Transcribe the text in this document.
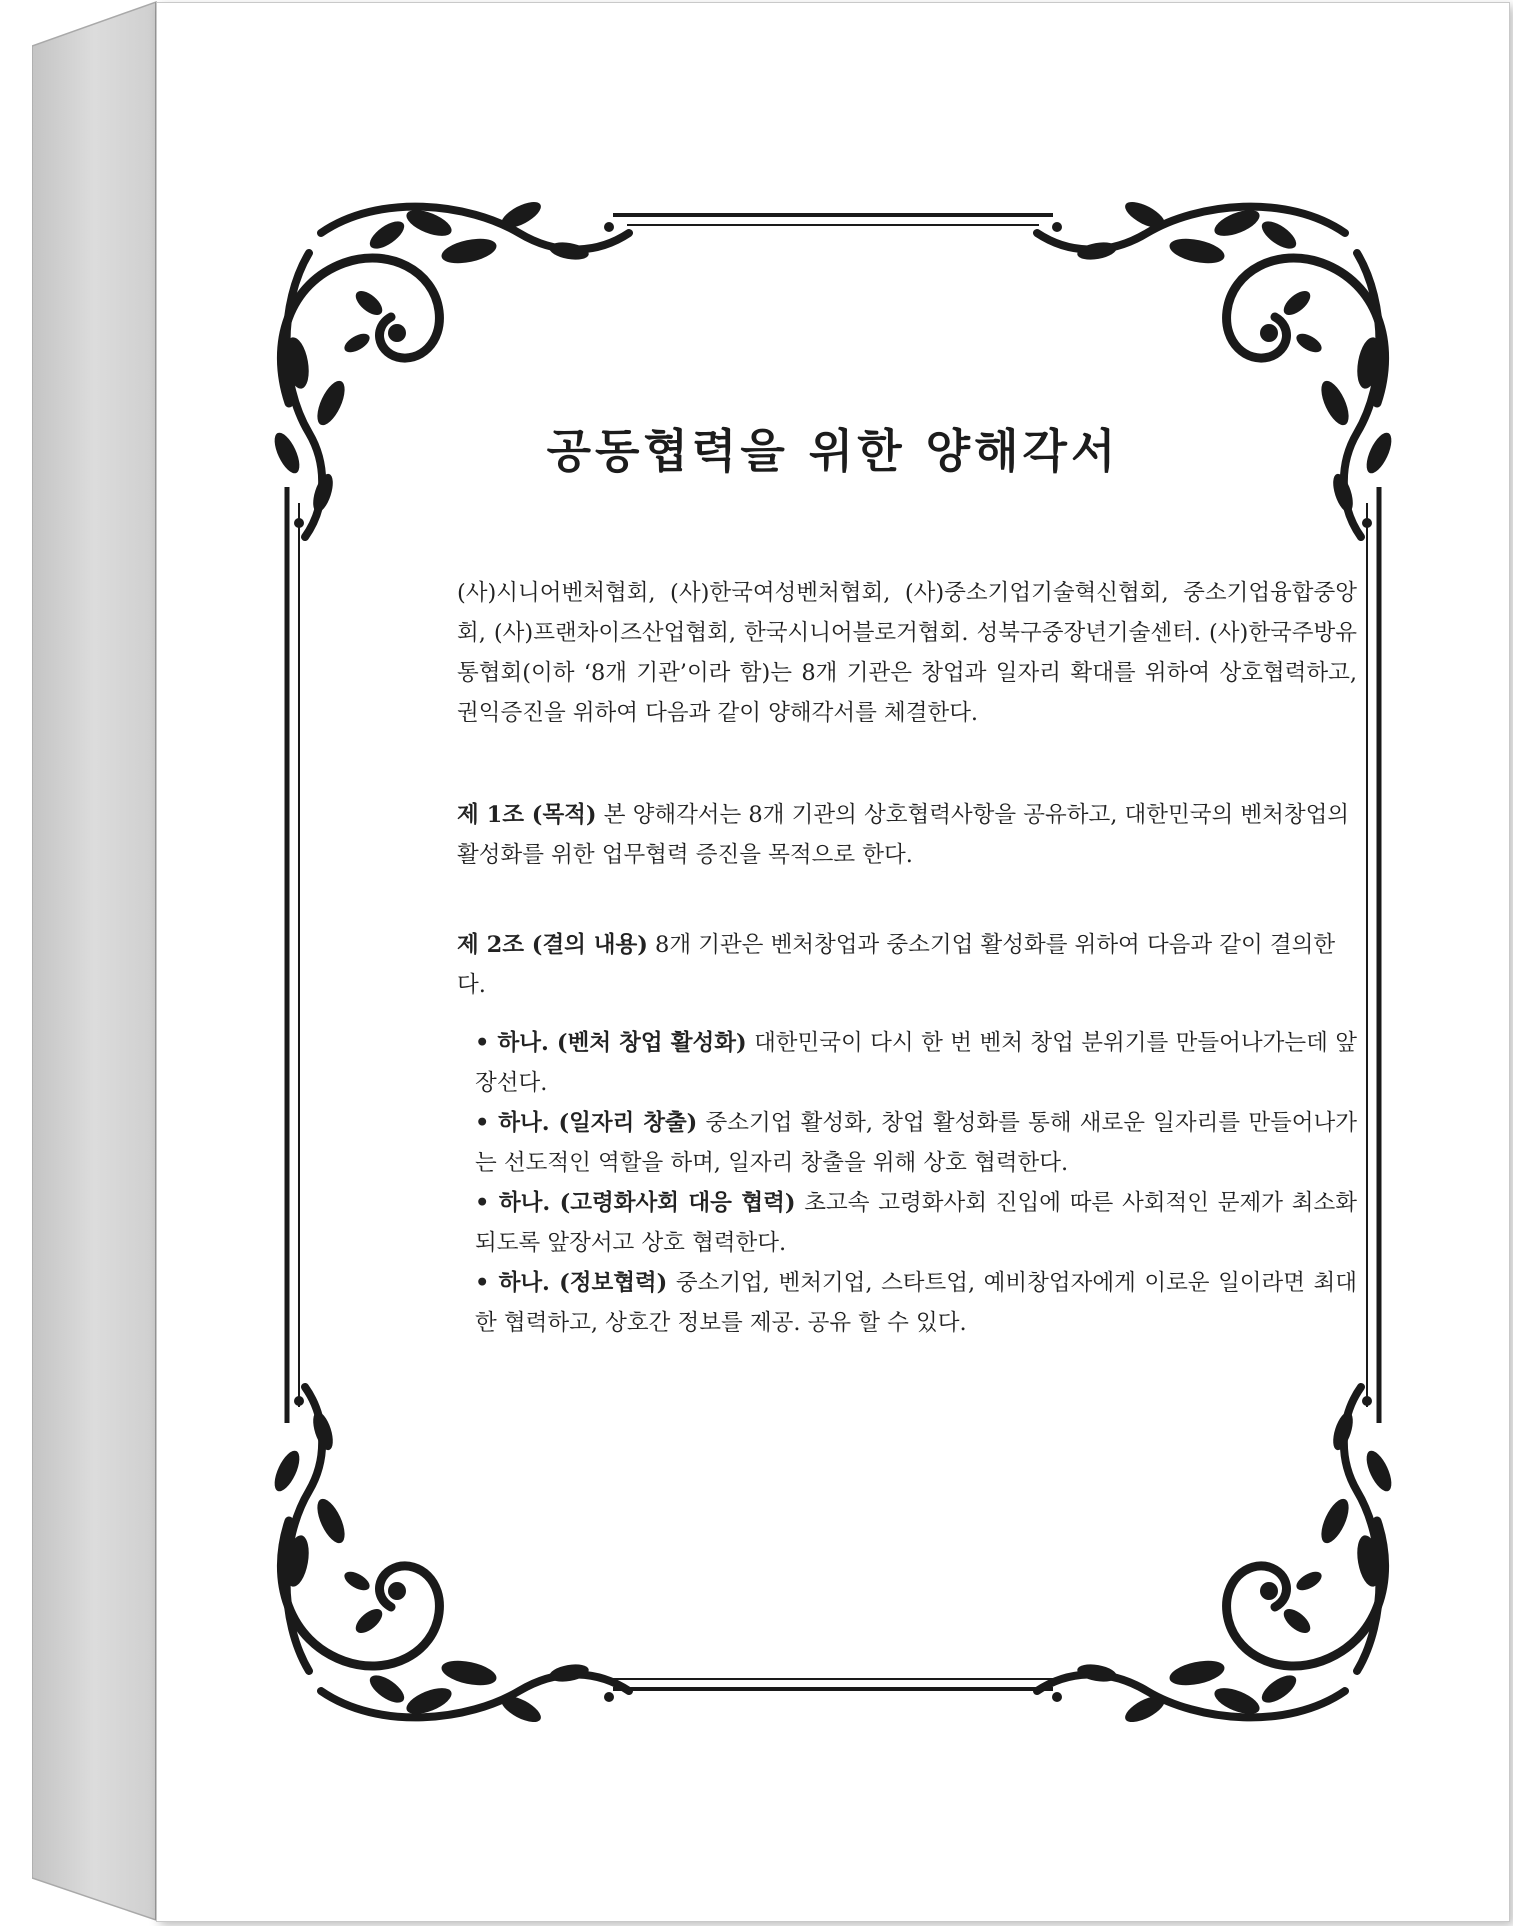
공동협력을 위한 양해각서

(사)시니어벤처협회, (사)한국여성벤처협회, (사)중소기업기술혁신협회, 중소기업융합중앙회, (사)프랜차이즈산업협회, 한국시니어블로거협회. 성북구중장년기술센터. (사)한국주방유통협회(이하 ‘8개 기관’이라 함)는 8개 기관은 창업과 일자리 확대를 위하여 상호협력하고, 권익증진을 위하여 다음과 같이 양해각서를 체결한다.

제 1조 (목적) 본 양해각서는 8개 기관의 상호협력사항을 공유하고, 대한민국의 벤처창업의 활성화를 위한 업무협력 증진을 목적으로 한다.

제 2조 (결의 내용) 8개 기관은 벤처창업과 중소기업 활성화를 위하여 다음과 같이 결의한다.

• 하나. (벤처 창업 활성화) 대한민국이 다시 한 번 벤처 창업 분위기를 만들어나가는데 앞장선다.
• 하나. (일자리 창출) 중소기업 활성화, 창업 활성화를 통해 새로운 일자리를 만들어나가는 선도적인 역할을 하며, 일자리 창출을 위해 상호 협력한다.
• 하나. (고령화사회 대응 협력) 초고속 고령화사회 진입에 따른 사회적인 문제가 최소화되도록 앞장서고 상호 협력한다.
• 하나. (정보협력) 중소기업, 벤처기업, 스타트업, 예비창업자에게 이로운 일이라면 최대한 협력하고, 상호간 정보를 제공. 공유 할 수 있다.
